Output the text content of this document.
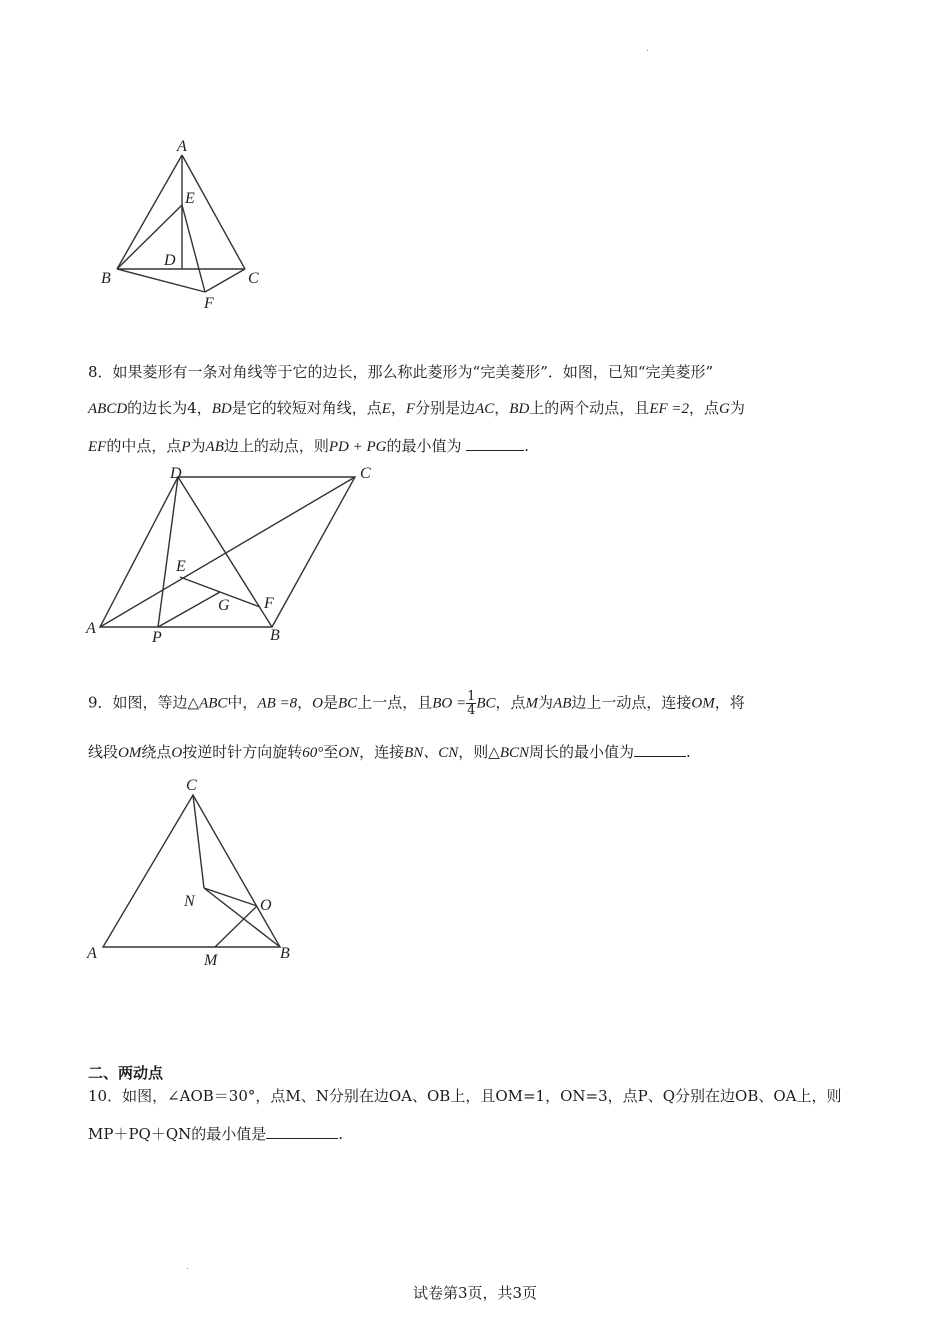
.
A
E
D
B	C
F
8．如果菱形有一条对角线等于它的边长，那么称此菱形为“完美菱形”．如图，已知“完美菱形”
ABCD的边长为4，BD是它的较短对角线，点E，F分别是边AC，BD上的两个动点，且EF =2，点G为
EF的中点，点P为AB边上的动点，则PD + PG的最小值为	.
D	C
E
G F
A
P	B
9．如图，等边△ABC中，AB =8，O是BC上一点，且BO = $\frac{1}{4}$ BC，点M为AB边上一动点，连接OM，将
线段OM绕点O按逆时针方向旋转60°至ON，连接BN、CN，则△BCN周长的最小值为	.
C
N	O
A	M	B
二、两动点
10．如图，∠AOB＝30°，点M、N分别在边OA、OB上，且OM=1，ON=3，点P、Q分别在边OB、OA上，则
MP＋PQ＋QN的最小值是	.
.
试卷第3页，共3页
